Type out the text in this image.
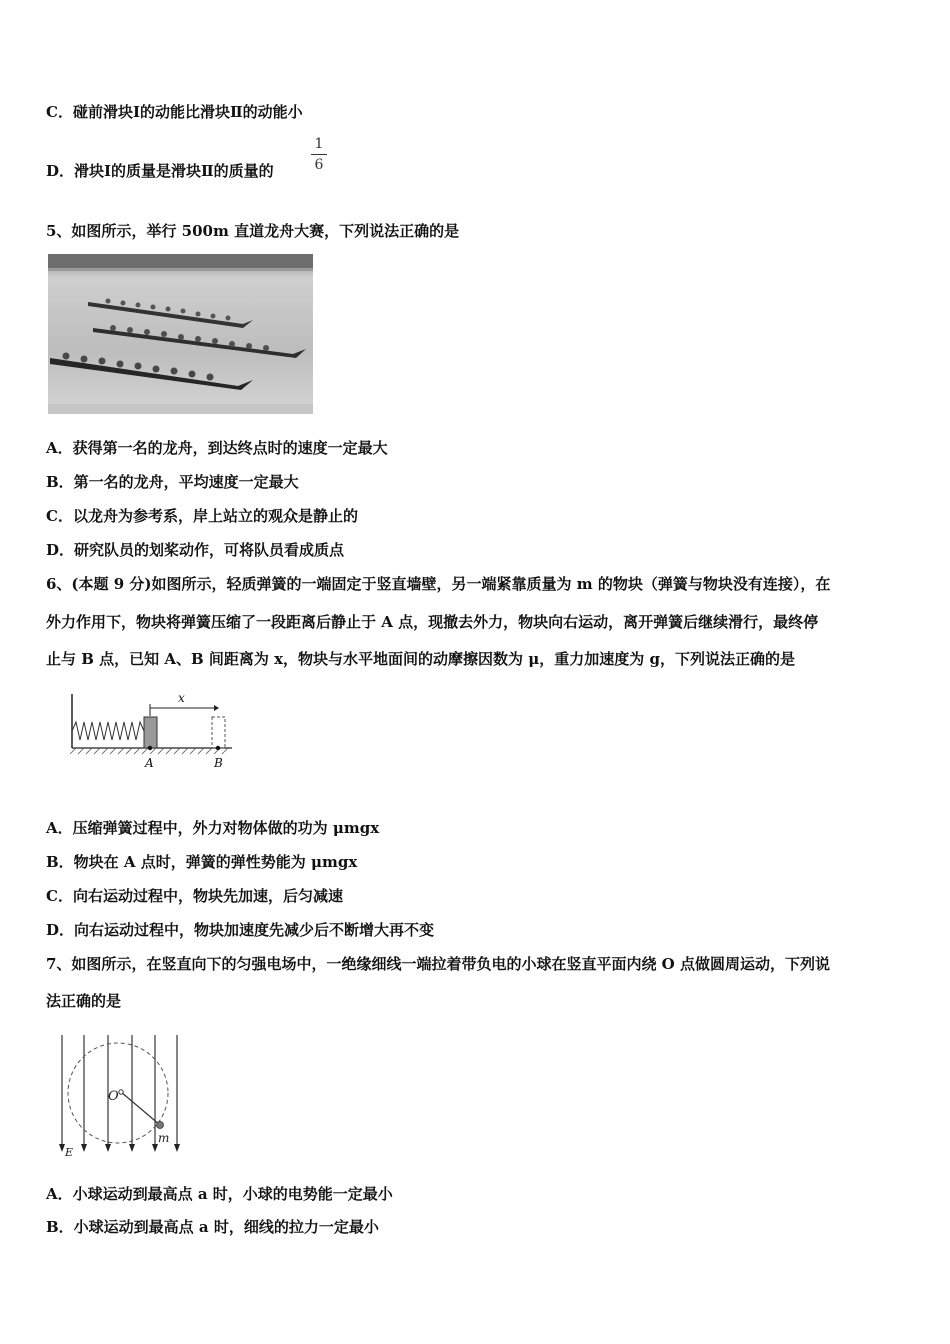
C．碰前滑块Ⅰ的动能比滑块Ⅱ的动能小
D．滑块Ⅰ的质量是滑块Ⅱ的质量的
1
6
5、如图所示，举行 500m 直道龙舟大赛，下列说法正确的是
A．获得第一名的龙舟，到达终点时的速度一定最大
B．第一名的龙舟，平均速度一定最大
C．以龙舟为参考系，岸上站立的观众是静止的
D．研究队员的划桨动作，可将队员看成质点
6、(本题 9 分)如图所示，轻质弹簧的一端固定于竖直墙壁，另一端紧靠质量为 m 的物块（弹簧与物块没有连接），在
外力作用下，物块将弹簧压缩了一段距离后静止于 A 点，现撤去外力，物块向右运动，离开弹簧后继续滑行，最终停
止与 B 点，已知 A、B 间距离为 x，物块与水平地面间的动摩擦因数为 μ，重力加速度为 g，下列说法正确的是
x
A	B
A．压缩弹簧过程中，外力对物体做的功为 μmgx
B．物块在 A 点时，弹簧的弹性势能为 μmgx
C．向右运动过程中，物块先加速，后匀减速
D．向右运动过程中，物块加速度先减少后不断增大再不变
7、如图所示，在竖直向下的匀强电场中，一绝缘细线一端拉着带负电的小球在竖直平面内绕 O 点做圆周运动，下列说
法正确的是
O
m
E
A．小球运动到最高点 a 时，小球的电势能一定最小
B．小球运动到最高点 a 时，细线的拉力一定最小
